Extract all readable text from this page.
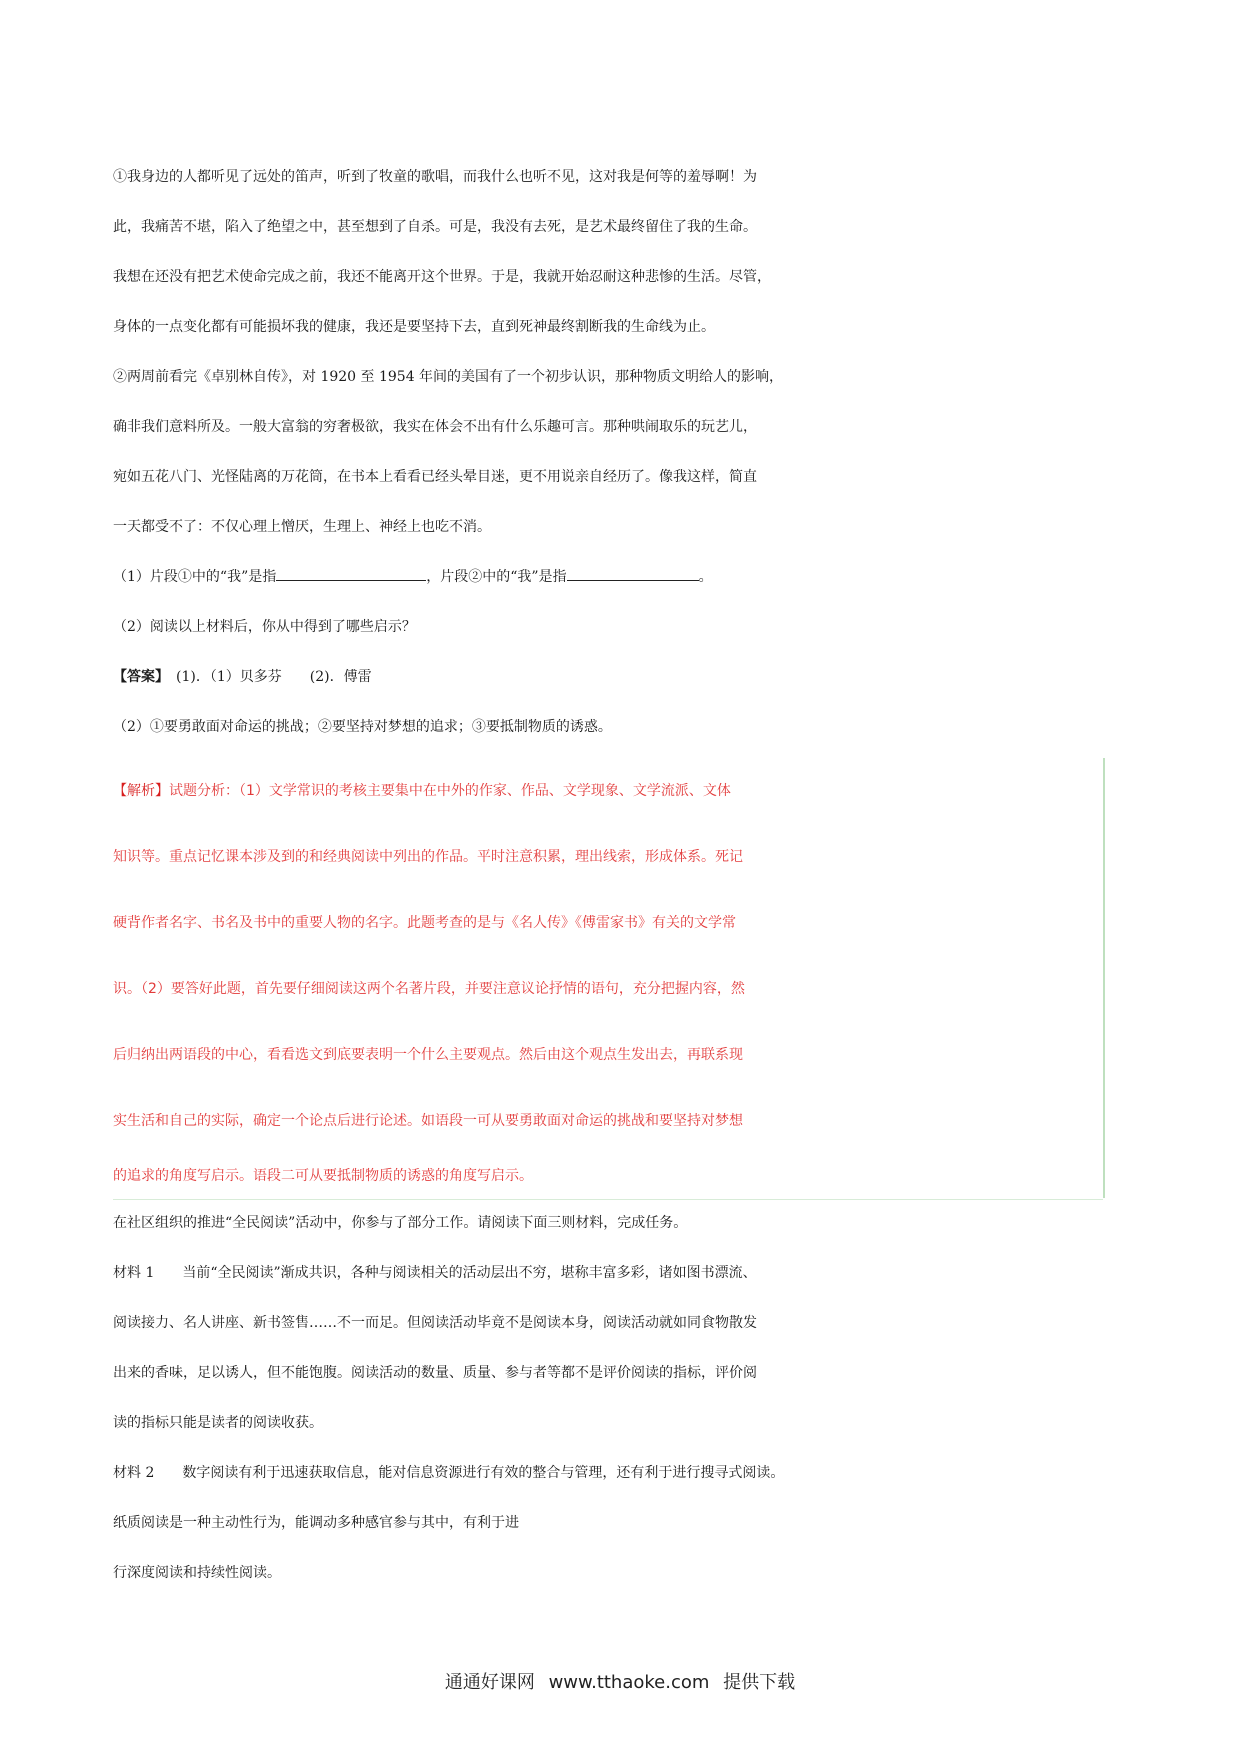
①我身边的人都听见了远处的笛声，听到了牧童的歌唱，而我什么也听不见，这对我是何等的羞辱啊！为
此，我痛苦不堪，陷入了绝望之中，甚至想到了自杀。可是，我没有去死，是艺术最终留住了我的生命。
我想在还没有把艺术使命完成之前，我还不能离开这个世界。于是，我就开始忍耐这种悲惨的生活。尽管，
身体的一点变化都有可能损坏我的健康，我还是要坚持下去，直到死神最终割断我的生命线为止。
②两周前看完《卓别林自传》，对 1920 至 1954 年间的美国有了一个初步认识，那种物质文明给人的影响，
确非我们意料所及。一般大富翁的穷奢极欲，我实在体会不出有什么乐趣可言。那种哄闹取乐的玩艺儿，
宛如五花八门、光怪陆离的万花筒，在书本上看看已经头晕目迷，更不用说亲自经历了。像我这样，简直
一天都受不了：不仅心理上憎厌，生理上、神经上也吃不消。
（1）片段①中的“我”是指	，片段②中的“我”是指	。
（2）阅读以上材料后，你从中得到了哪些启示？
【答案】　(1)．（1）贝多芬　　(2)．傅雷
（2）①要勇敢面对命运的挑战；②要坚持对梦想的追求；③要抵制物质的诱惑。
【解析】试题分析：（1）文学常识的考核主要集中在中外的作家、作品、文学现象、文学流派、文体
知识等。重点记忆课本涉及到的和经典阅读中列出的作品。平时注意积累，理出线索，形成体系。死记
硬背作者名字、书名及书中的重要人物的名字。此题考查的是与《名人传》《傅雷家书》有关的文学常
识。（2）要答好此题，首先要仔细阅读这两个名著片段，并要注意议论抒情的语句，充分把握内容，然
后归纳出两语段的中心，看看选文到底要表明一个什么主要观点。然后由这个观点生发出去，再联系现
实生活和自己的实际，确定一个论点后进行论述。如语段一可从要勇敢面对命运的挑战和要坚持对梦想
的追求的角度写启示。语段二可从要抵制物质的诱惑的角度写启示。
在社区组织的推进“全民阅读”活动中，你参与了部分工作。请阅读下面三则材料，完成任务。
材料 1　　当前“全民阅读”渐成共识，各种与阅读相关的活动层出不穷，堪称丰富多彩，诸如图书漂流、
阅读接力、名人讲座、新书签售……不一而足。但阅读活动毕竟不是阅读本身，阅读活动就如同食物散发
出来的香味，足以诱人，但不能饱腹。阅读活动的数量、质量、参与者等都不是评价阅读的指标，评价阅
读的指标只能是读者的阅读收获。
材料 2　　数字阅读有利于迅速获取信息，能对信息资源进行有效的整合与管理，还有利于进行搜寻式阅读。
纸质阅读是一种主动性行为，能调动多种感官参与其中，有利于进
行深度阅读和持续性阅读。
通通好课网 www.tthaoke.com 提供下载
